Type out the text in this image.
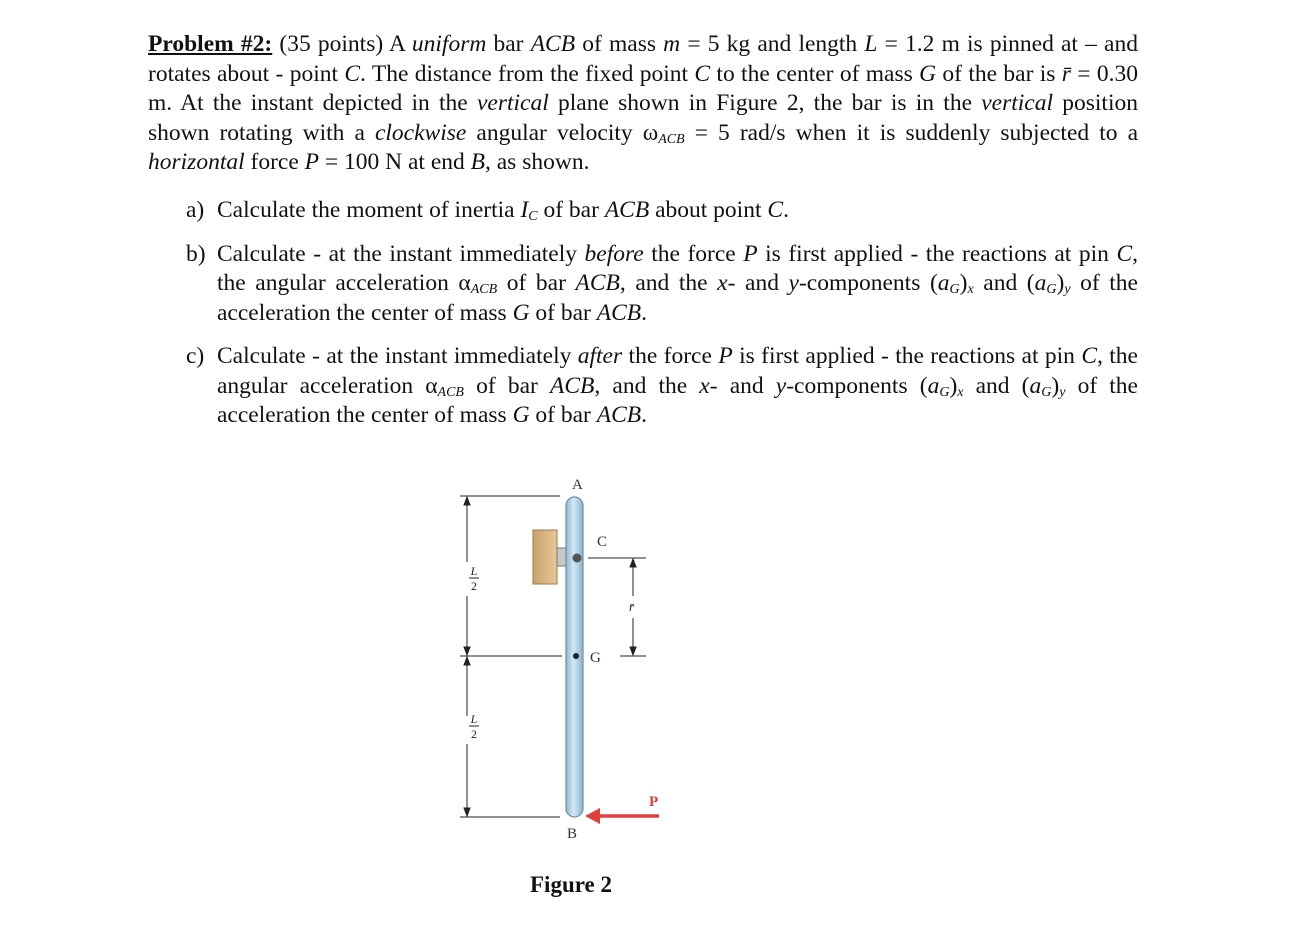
Problem #2: (35 points) A uniform bar ACB of mass m = 5 kg and length L = 1.2 m is pinned at – and rotates about - point C. The distance from the fixed point C to the center of mass G of the bar is r̄ = 0.30 m. At the instant depicted in the vertical plane shown in Figure 2, the bar is in the vertical position shown rotating with a clockwise angular velocity $\omega_{ACB} = 5$ rad/s when it is suddenly subjected to a horizontal force P = 100 N at end B, as shown.
a) Calculate the moment of inertia $I_C$ of bar ACB about point C.
b) Calculate - at the instant immediately before the force P is first applied - the reactions at pin C, the angular acceleration $\alpha_{ACB}$ of bar ACB, and the x- and y-components $(a_G)_x$ and $(a_G)_y$ of the acceleration the center of mass G of bar ACB.
c) Calculate - at the instant immediately after the force P is first applied - the reactions at pin C, the angular acceleration $\alpha_{ACB}$ of bar ACB, and the x- and y-components $(a_G)_x$ and $(a_G)_y$ of the acceleration the center of mass G of bar ACB.
L
2
L
2
r̄
A
C
G
B
P
Figure 2
